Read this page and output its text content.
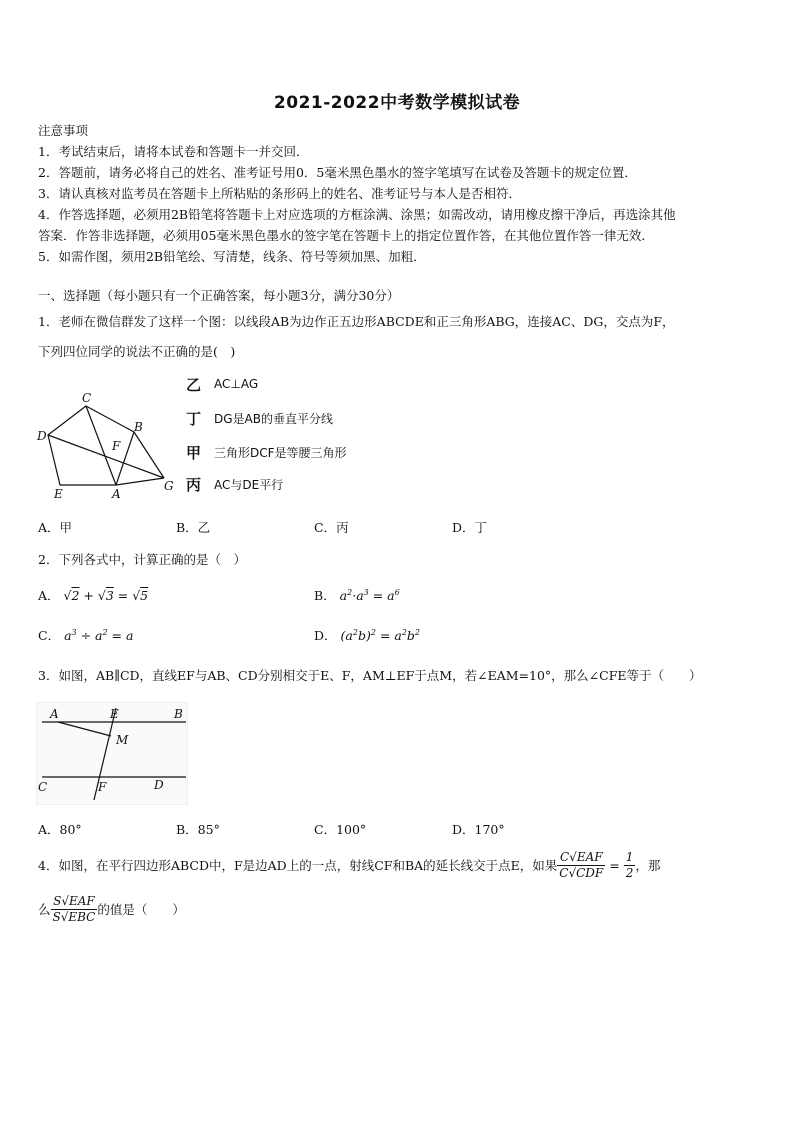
2021-2022中考数学模拟试卷
注意事项
1．考试结束后，请将本试卷和答题卡一并交回．
2．答题前，请务必将自己的姓名、准考证号用0．5毫米黑色墨水的签字笔填写在试卷及答题卡的规定位置．
3．请认真核对监考员在答题卡上所粘贴的条形码上的姓名、准考证号与本人是否相符．
4．作答选择题，必须用2B铅笔将答题卡上对应选项的方框涂满、涂黑；如需改动，请用橡皮擦干净后，再选涂其他
答案．作答非选择题，必须用05毫米黑色墨水的签字笔在答题卡上的指定位置作答，在其他位置作答一律无效．
5．如需作图，须用2B铅笔绘、写清楚，线条、符号等须加黑、加粗．
一、选择题（每小题只有一个正确答案，每小题3分，满分30分）
1．老师在微信群发了这样一个图：以线段AB为边作正五边形ABCDE和正三角形ABG，连接AC、DG，交点为F，
下列四位同学的说法不正确的是(　)
C
B
D
F
E	A
G
乙	AC⊥AG
丁	DG是AB的垂直平分线
甲	三角形DCF是等腰三角形
丙	AC与DE平行
A．甲	B．乙	C．丙	D．丁
2．下列各式中，计算正确的是（　）
A． √2 + √3 = √5	B． $a^2\cdot a^3 = a^6$
C． $a^3 \div a^2 = a$	D． $(a^2b)^2 = a^2b^2$
3．如图，AB∥CD，直线EF与AB、CD分别相交于E、F，AM⊥EF于点M，若∠EAM=10°，那么∠CFE等于（　　）
A	E	B
M
C	F	D
A．80°	B．85°	C．100°	D．170°
4．如图，在平行四边形ABCD中，F是边AD上的一点，射线CF和BA的延长线交于点E，如果 $\frac{\text{C√EAF}}{\text{C√CDF}} = \frac{1}{2}$ ，那
么 $\frac{\text{S√EAF}}{\text{S√EBC}}$ 的值是（　　）
